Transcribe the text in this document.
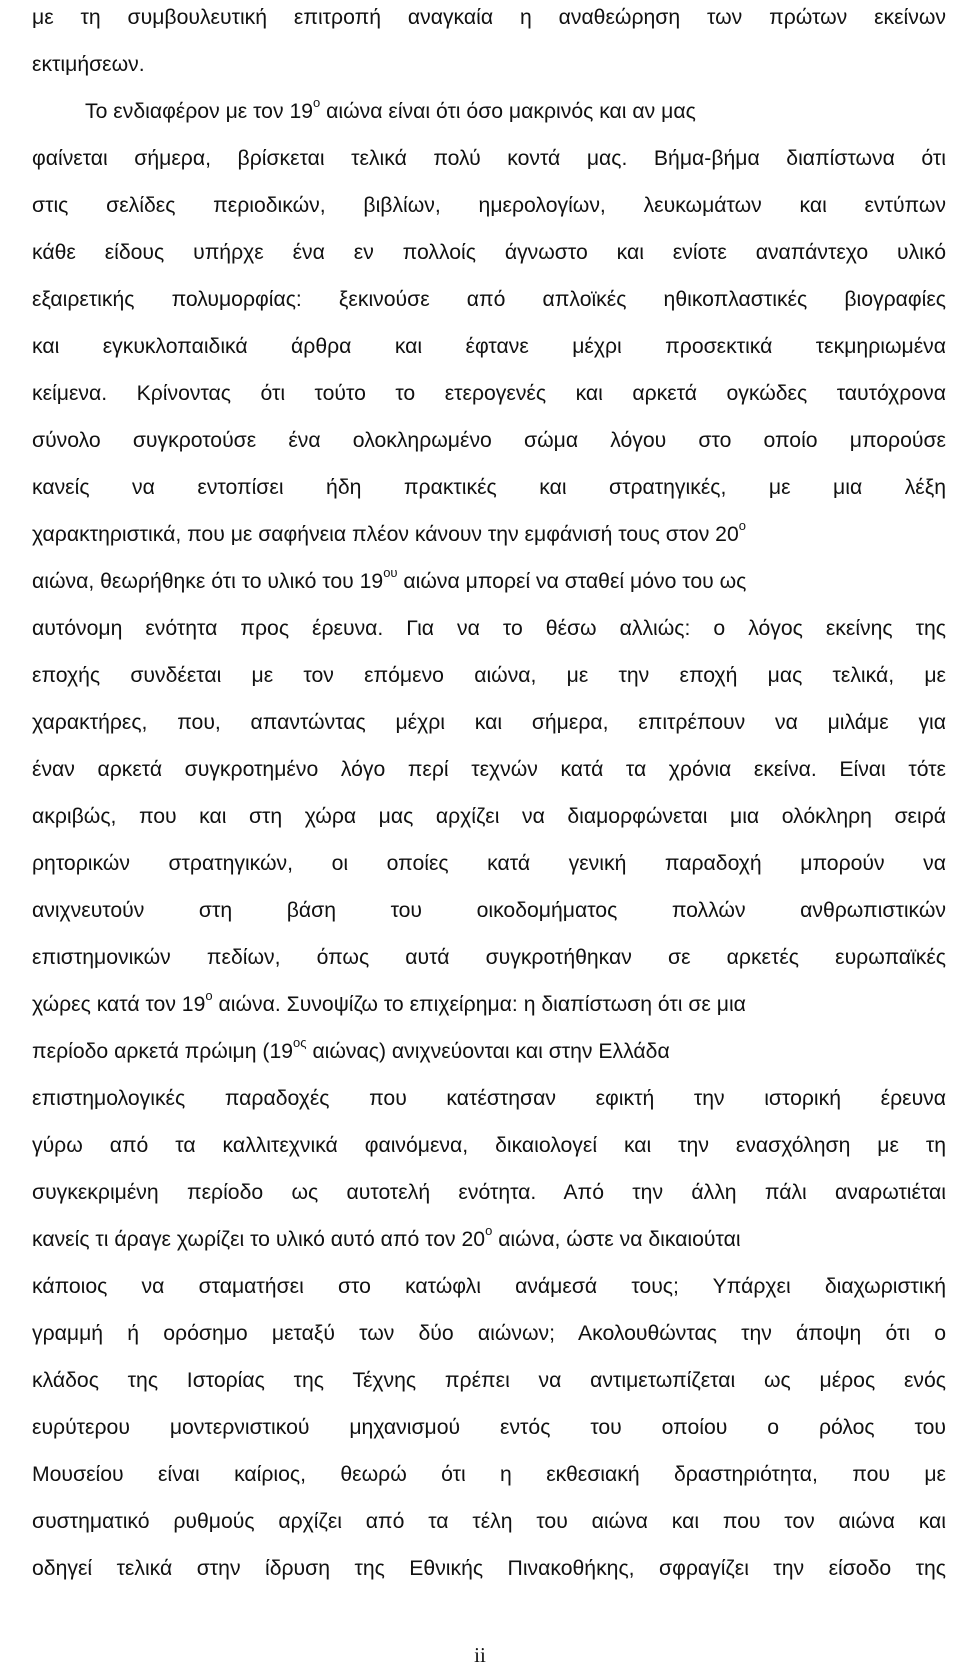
με τη συμβουλευτική επιτροπή αναγκαία η αναθεώρηση των πρώτων εκείνων
εκτιμήσεων.
Το ενδιαφέρον με τον $19^o$ αιώνα είναι ότι όσο μακρινός και αν μας
φαίνεται σήμερα, βρίσκεται τελικά πολύ κοντά μας. Βήμα-βήμα διαπίστωνα ότι
στις σελίδες περιοδικών, βιβλίων, ημερολογίων, λευκωμάτων και εντύπων
κάθε είδους υπήρχε ένα εν πολλοίς άγνωστο και ενίοτε αναπάντεχο υλικό
εξαιρετικής πολυμορφίας: ξεκινούσε από απλοϊκές ηθικοπλαστικές βιογραφίες
και εγκυκλοπαιδικά άρθρα και έφτανε μέχρι προσεκτικά τεκμηριωμένα
κείμενα. Κρίνοντας ότι τούτο το ετερογενές και αρκετά ογκώδες ταυτόχρονα
σύνολο συγκροτούσε ένα ολοκληρωμένο σώμα λόγου στο οποίο μπορούσε
κανείς να εντοπίσει ήδη πρακτικές και στρατηγικές, με μια λέξη
χαρακτηριστικά, που με σαφήνεια πλέον κάνουν την εμφάνισή τους στον $20^o$
αιώνα, θεωρήθηκε ότι το υλικό του $19^{o\upsilon}$ αιώνα μπορεί να σταθεί μόνο του ως
αυτόνομη ενότητα προς έρευνα. Για να το θέσω αλλιώς: ο λόγος εκείνης της
εποχής συνδέεται με τον επόμενο αιώνα, με την εποχή μας τελικά, με
χαρακτήρες, που, απαντώντας μέχρι και σήμερα, επιτρέπουν να μιλάμε για
έναν αρκετά συγκροτημένο λόγο περί τεχνών κατά τα χρόνια εκείνα. Είναι τότε
ακριβώς, που και στη χώρα μας αρχίζει να διαμορφώνεται μια ολόκληρη σειρά
ρητορικών στρατηγικών, οι οποίες κατά γενική παραδοχή μπορούν να
ανιχνευτούν στη βάση του οικοδομήματος πολλών ανθρωπιστικών
επιστημονικών πεδίων, όπως αυτά συγκροτήθηκαν σε αρκετές ευρωπαϊκές
χώρες κατά τον $19^o$ αιώνα. Συνοψίζω το επιχείρημα: η διαπίστωση ότι σε μια
περίοδο αρκετά πρώιμη ($19^{o\varsigma}$ αιώνας) ανιχνεύονται και στην Ελλάδα
επιστημολογικές παραδοχές που κατέστησαν εφικτή την ιστορική έρευνα
γύρω από τα καλλιτεχνικά φαινόμενα, δικαιολογεί και την ενασχόληση με τη
συγκεκριμένη περίοδο ως αυτοτελή ενότητα. Από την άλλη πάλι αναρωτιέται
κανείς τι άραγε χωρίζει το υλικό αυτό από τον $20^o$ αιώνα, ώστε να δικαιούται
κάποιος να σταματήσει στο κατώφλι ανάμεσά τους; Υπάρχει διαχωριστική
γραμμή ή ορόσημο μεταξύ των δύο αιώνων; Ακολουθώντας την άποψη ότι ο
κλάδος της Ιστορίας της Τέχνης πρέπει να αντιμετωπίζεται ως μέρος ενός
ευρύτερου μοντερνιστικού μηχανισμού εντός του οποίου ο ρόλος του
Μουσείου είναι καίριος, θεωρώ ότι η εκθεσιακή δραστηριότητα, που με
συστηματικό ρυθμούς αρχίζει από τα τέλη του αιώνα και που τον αιώνα και
οδηγεί τελικά στην ίδρυση της Εθνικής Πινακοθήκης, σφραγίζει την είσοδο της
ii
